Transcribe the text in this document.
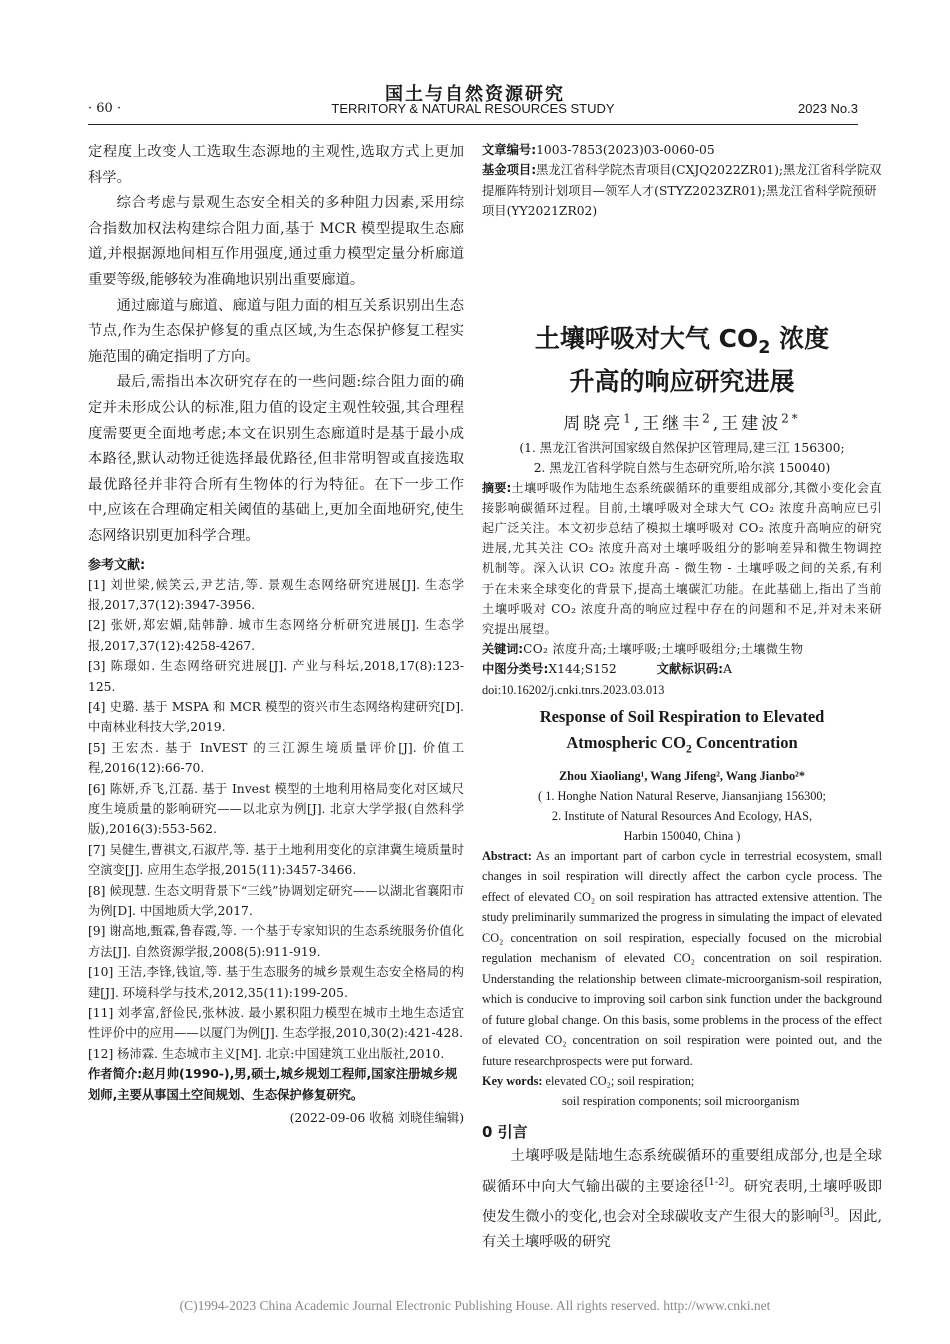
国土与自然资源研究
TERRITORY & NATURAL RESOURCES STUDY
· 60 ·	2023 No.3

定程度上改变人工选取生态源地的主观性,选取方式上更加科学。

综合考虑与景观生态安全相关的多种阻力因素,采用综合指数加权法构建综合阻力面,基于 MCR 模型提取生态廊道,并根据源地间相互作用强度,通过重力模型定量分析廊道重要等级,能够较为准确地识别出重要廊道。

通过廊道与廊道、廊道与阻力面的相互关系识别出生态节点,作为生态保护修复的重点区域,为生态保护修复工程实施范围的确定指明了方向。

最后,需指出本次研究存在的一些问题:综合阻力面的确定并未形成公认的标准,阻力值的设定主观性较强,其合理程度需要更全面地考虑;本文在识别生态廊道时是基于最小成本路径,默认动物迁徙选择最优路径,但非常明智或直接选取最优路径并非符合所有生物体的行为特征。在下一步工作中,应该在合理确定相关阈值的基础上,更加全面地研究,使生态网络识别更加科学合理。

参考文献:

[1] 刘世梁,候笑云,尹艺洁,等. 景观生态网络研究进展[J]. 生态学报,2017,37(12):3947-3956.

[2] 张妍,郑宏媚,陆韩静. 城市生态网络分析研究进展[J]. 生态学报,2017,37(12):4258-4267.

[3] 陈璟如. 生态网络研究进展[J]. 产业与科坛,2018,17(8):123-125.

[4] 史璐. 基于 MSPA 和 MCR 模型的资兴市生态网络构建研究[D]. 中南林业科技大学,2019.

[5] 王宏杰. 基于 InVEST 的三江源生境质量评价[J]. 价值工程,2016(12):66-70.

[6] 陈妍,乔飞,江磊. 基于 Invest 模型的土地利用格局变化对区域尺度生境质量的影响研究——以北京为例[J]. 北京大学学报(自然科学版),2016(3):553-562.

[7] 吴健生,曹祺文,石淑芹,等. 基于土地利用变化的京津冀生境质量时空演变[J]. 应用生态学报,2015(11):3457-3466.

[8] 候现慧. 生态文明背景下“三线”协调划定研究——以湖北省襄阳市为例[D]. 中国地质大学,2017.

[9] 谢高地,甄霖,鲁春霞,等. 一个基于专家知识的生态系统服务价值化方法[J]. 自然资源学报,2008(5):911-919.

[10] 王洁,李锋,钱谊,等. 基于生态服务的城乡景观生态安全格局的构建[J]. 环境科学与技术,2012,35(11):199-205.

[11] 刘孝富,舒俭民,张林波. 最小累积阻力模型在城市土地生态适宜性评价中的应用——以厦门为例[J]. 生态学报,2010,30(2):421-428.

[12] 杨沛霖. 生态城市主义[M]. 北京:中国建筑工业出版社,2010.

作者简介:赵月帅(1990-),男,硕士,城乡规划工程师,国家注册城乡规划师,主要从事国土空间规划、生态保护修复研究。

(2022-09-06 收稿 刘晓佳编辑)

文章编号:1003-7853(2023)03-0060-05

基金项目:黑龙江省科学院杰青项目(CXJQ2022ZR01);黑龙江省科学院双提雁阵特别计划项目—领军人才(STYZ2023ZR01);黑龙江省科学院预研项目(YY2021ZR02)

土壤呼吸对大气 $CO_2$ 浓度
升高的响应研究进展

周晓亮$^1$,王继丰$^2$,王建波$^{2*}$

(1. 黑龙江省洪河国家级自然保护区管理局,建三江 156300;

2. 黑龙江省科学院自然与生态研究所,哈尔滨 150040)

摘要:土壤呼吸作为陆地生态系统碳循环的重要组成部分,其微小变化会直接影响碳循环过程。目前,土壤呼吸对全球大气 CO₂ 浓度升高响应已引起广泛关注。本文初步总结了模拟土壤呼吸对 CO₂ 浓度升高响应的研究进展,尤其关注 CO₂ 浓度升高对土壤呼吸组分的影响差异和微生物调控机制等。深入认识 CO₂ 浓度升高 - 微生物 - 土壤呼吸之间的关系,有利于在未来全球变化的背景下,提高土壤碳汇功能。在此基础上,指出了当前土壤呼吸对 CO₂ 浓度升高的响应过程中存在的问题和不足,并对未来研究提出展望。

关键词:CO₂ 浓度升高;土壤呼吸;土壤呼吸组分;土壤微生物

中图分类号:X144;S152	文献标识码:A

doi:10.16202/j.cnki.tnrs.2023.03.013

Response of Soil Respiration to Elevated
Atmospheric $CO_2$ Concentration

Zhou Xiaoliang¹, Wang Jifeng², Wang Jianbo²*

( 1. Honghe Nation Natural Reserve, Jiansanjiang 156300;

2. Institute of Natural Resources And Ecology, HAS,

Harbin 150040, China )

Abstract: As an important part of carbon cycle in terrestrial ecosystem, small changes in soil respiration will directly affect the carbon cycle process. The effect of elevated CO₂ on soil respiration has attracted extensive attention. The study preliminarily summarized the progress in simulating the impact of elevated CO₂ concentration on soil respiration, especially focused on the microbial regulation mechanism of elevated CO₂ concentration on soil respiration. Understanding the relationship between climate-microorganism-soil respiration, which is conducive to improving soil carbon sink function under the background of future global change. On this basis, some problems in the process of the effect of elevated CO₂ concentration on soil respiration were pointed out, and the future researchprospects were put forward.

Key words: elevated CO₂; soil respiration;

soil respiration components; soil microorganism

0 引言

土壤呼吸是陆地生态系统碳循环的重要组成部分,也是全球碳循环中向大气输出碳的主要途径[1-2]。研究表明,土壤呼吸即使发生微小的变化,也会对全球碳收支产生很大的影响[3]。因此,有关土壤呼吸的研究

(C)1994-2023 China Academic Journal Electronic Publishing House. All rights reserved. http://www.cnki.net
